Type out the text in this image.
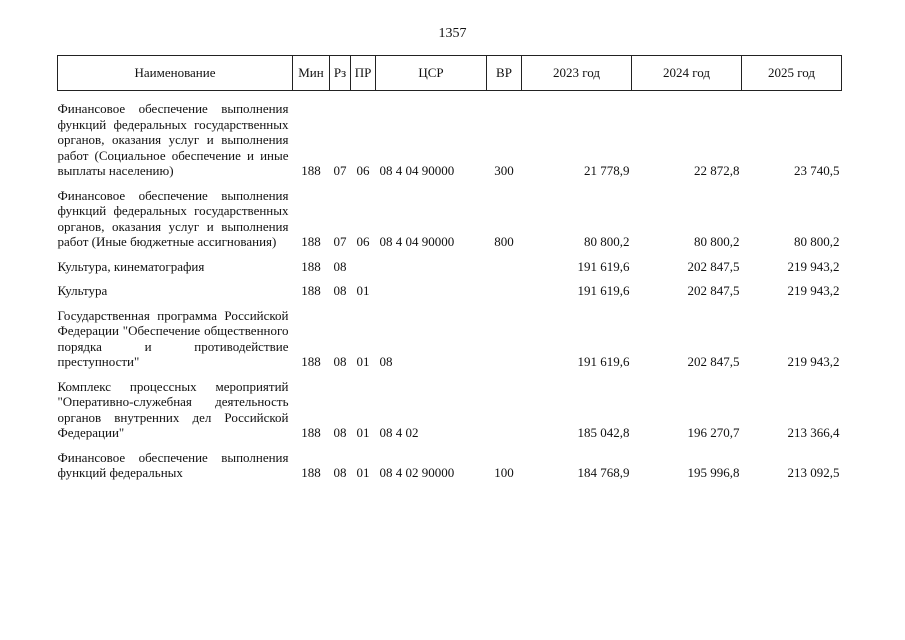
1357
Наименование	Мин	Рз	ПР	ЦСР	ВР	2023 год	2024 год	2025 год
Финансовое обеспечение выполнения функций федеральных государственных органов, оказания услуг и выполнения работ (Социальное обеспечение и иные выплаты населению)	188	07	06	08 4 04 90000	300	21 778,9	22 872,8	23 740,5
Финансовое обеспечение выполнения функций федеральных государственных органов, оказания услуг и выполнения работ (Иные бюджетные ассигнования)	188	07	06	08 4 04 90000	800	80 800,2	80 800,2	80 800,2
Культура, кинематография	188	08				191 619,6	202 847,5	219 943,2
Культура	188	08	01			191 619,6	202 847,5	219 943,2
Государственная программа Российской Федерации "Обеспечение общественного порядка и противодействие преступности"	188	08	01	08		191 619,6	202 847,5	219 943,2
Комплекс процессных мероприятий "Оперативно-служебная деятельность органов внутренних дел Российской Федерации"	188	08	01	08 4 02		185 042,8	196 270,7	213 366,4
Финансовое обеспечение выполнения функций федеральных	188	08	01	08 4 02 90000	100	184 768,9	195 996,8	213 092,5
